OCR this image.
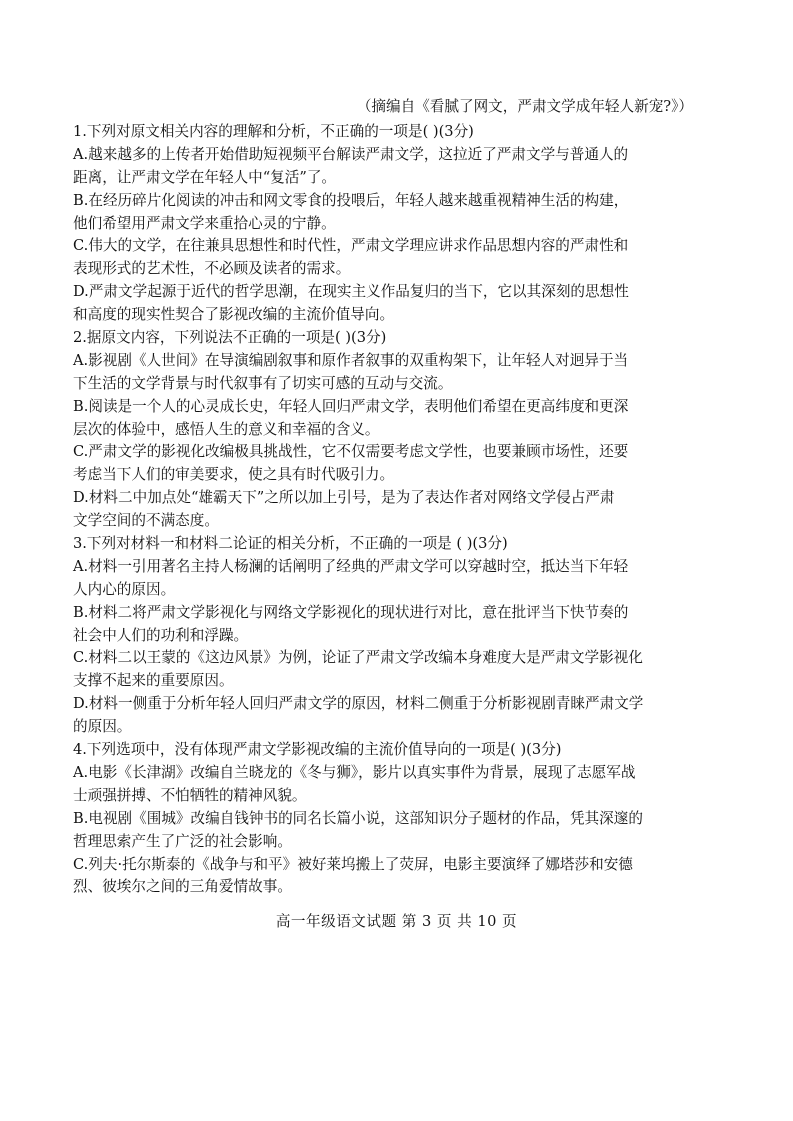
（摘编自《看腻了网文，严肃文学成年轻人新宠?》）
1.下列对原文相关内容的理解和分析，不正确的一项是( )(3分)
A.越来越多的上传者开始借助短视频平台解读严肃文学，这拉近了严肃文学与普通人的
距离，让严肃文学在年轻人中“复活”了。
B.在经历碎片化阅读的冲击和网文零食的投喂后，年轻人越来越重视精神生活的构建，
他们希望用严肃文学来重拾心灵的宁静。
C.伟大的文学，在往兼具思想性和时代性，严肃文学理应讲求作品思想内容的严肃性和
表现形式的艺术性，不必顾及读者的需求。
D.严肃文学起源于近代的哲学思潮，在现实主义作品复归的当下，它以其深刻的思想性
和高度的现实性契合了影视改编的主流价值导向。
2.据原文内容，下列说法不正确的一项是( )(3分)
A.影视剧《人世间》在导演编剧叙事和原作者叙事的双重构架下，让年轻人对迥异于当
下生活的文学背景与时代叙事有了切实可感的互动与交流。
B.阅读是一个人的心灵成长史，年轻人回归严肃文学，表明他们希望在更高纬度和更深
层次的体验中，感悟人生的意义和幸福的含义。
C.严肃文学的影视化改编极具挑战性，它不仅需要考虑文学性，也要兼顾市场性，还要
考虑当下人们的审美要求，使之具有时代吸引力。
D.材料二中加点处“雄霸天下”之所以加上引号，是为了表达作者对网络文学侵占严肃
文学空间的不满态度。
3.下列对材料一和材料二论证的相关分析，不正确的一项是 ( )(3分)
A.材料一引用著名主持人杨澜的话阐明了经典的严肃文学可以穿越时空，抵达当下年轻
人内心的原因。
B.材料二将严肃文学影视化与网络文学影视化的现状进行对比，意在批评当下快节奏的
社会中人们的功利和浮躁。
C.材料二以王蒙的《这边风景》为例，论证了严肃文学改编本身难度大是严肃文学影视化
支撑不起来的重要原因。
D.材料一侧重于分析年轻人回归严肃文学的原因，材料二侧重于分析影视剧青睐严肃文学
的原因。
4.下列选项中，没有体现严肃文学影视改编的主流价值导向的一项是( )(3分)
A.电影《长津湖》改编自兰晓龙的《冬与狮》，影片以真实事件为背景，展现了志愿军战
士顽强拼搏、不怕牺牲的精神风貌。
B.电视剧《围城》改编自钱钟书的同名长篇小说，这部知识分子题材的作品，凭其深邃的
哲理思索产生了广泛的社会影响。
C.列夫·托尔斯泰的《战争与和平》被好莱坞搬上了荧屏，电影主要演绎了娜塔莎和安德
烈、彼埃尔之间的三角爱情故事。
高一年级语文试题 第 3 页 共 10 页
